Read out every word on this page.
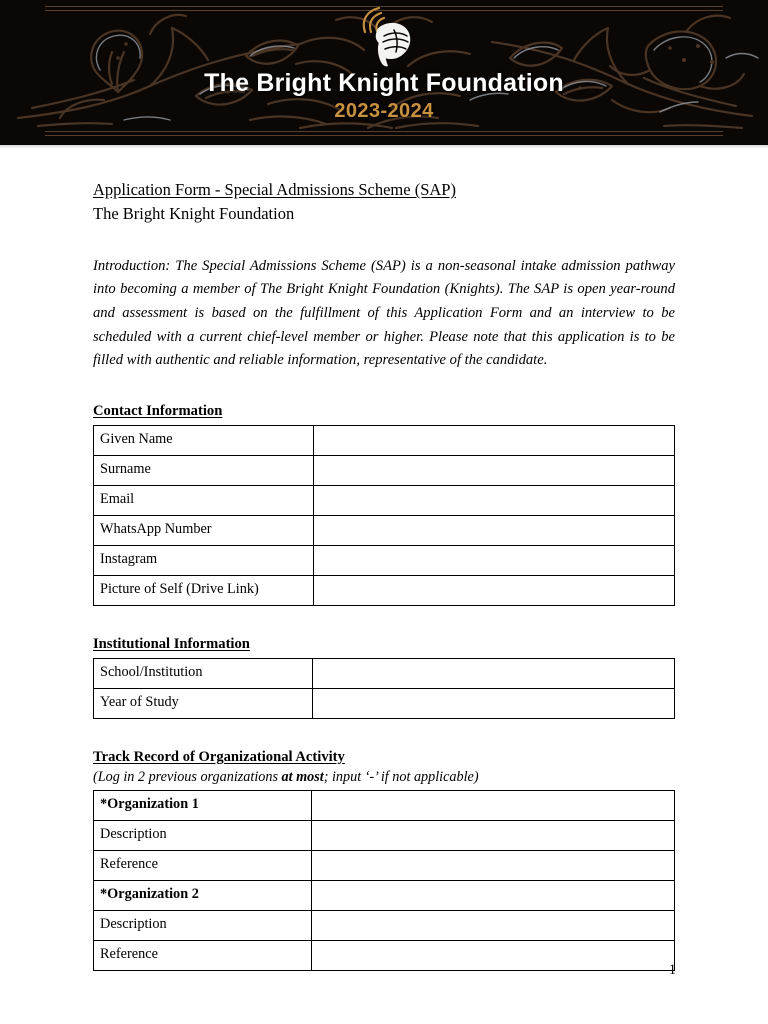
The Bright Knight Foundation
2023-2024
Application Form - Special Admissions Scheme (SAP)
The Bright Knight Foundation

Introduction: The Special Admissions Scheme (SAP) is a non-seasonal intake admission pathway into becoming a member of The Bright Knight Foundation (Knights). The SAP is open year-round and assessment is based on the fulfillment of this Application Form and an interview to be scheduled with a current chief-level member or higher. Please note that this application is to be filled with authentic and reliable information, representative of the candidate.

Contact Information
Given Name	
Surname	
Email	
WhatsApp Number	
Instagram	
Picture of Self (Drive Link)	
Institutional Information
School/Institution	
Year of Study	
Track Record of Organizational Activity
(Log in 2 previous organizations at most; input ‘-’ if not applicable)
*Organization 1	
Description	
Reference	
*Organization 2	
Description	
Reference	
1
